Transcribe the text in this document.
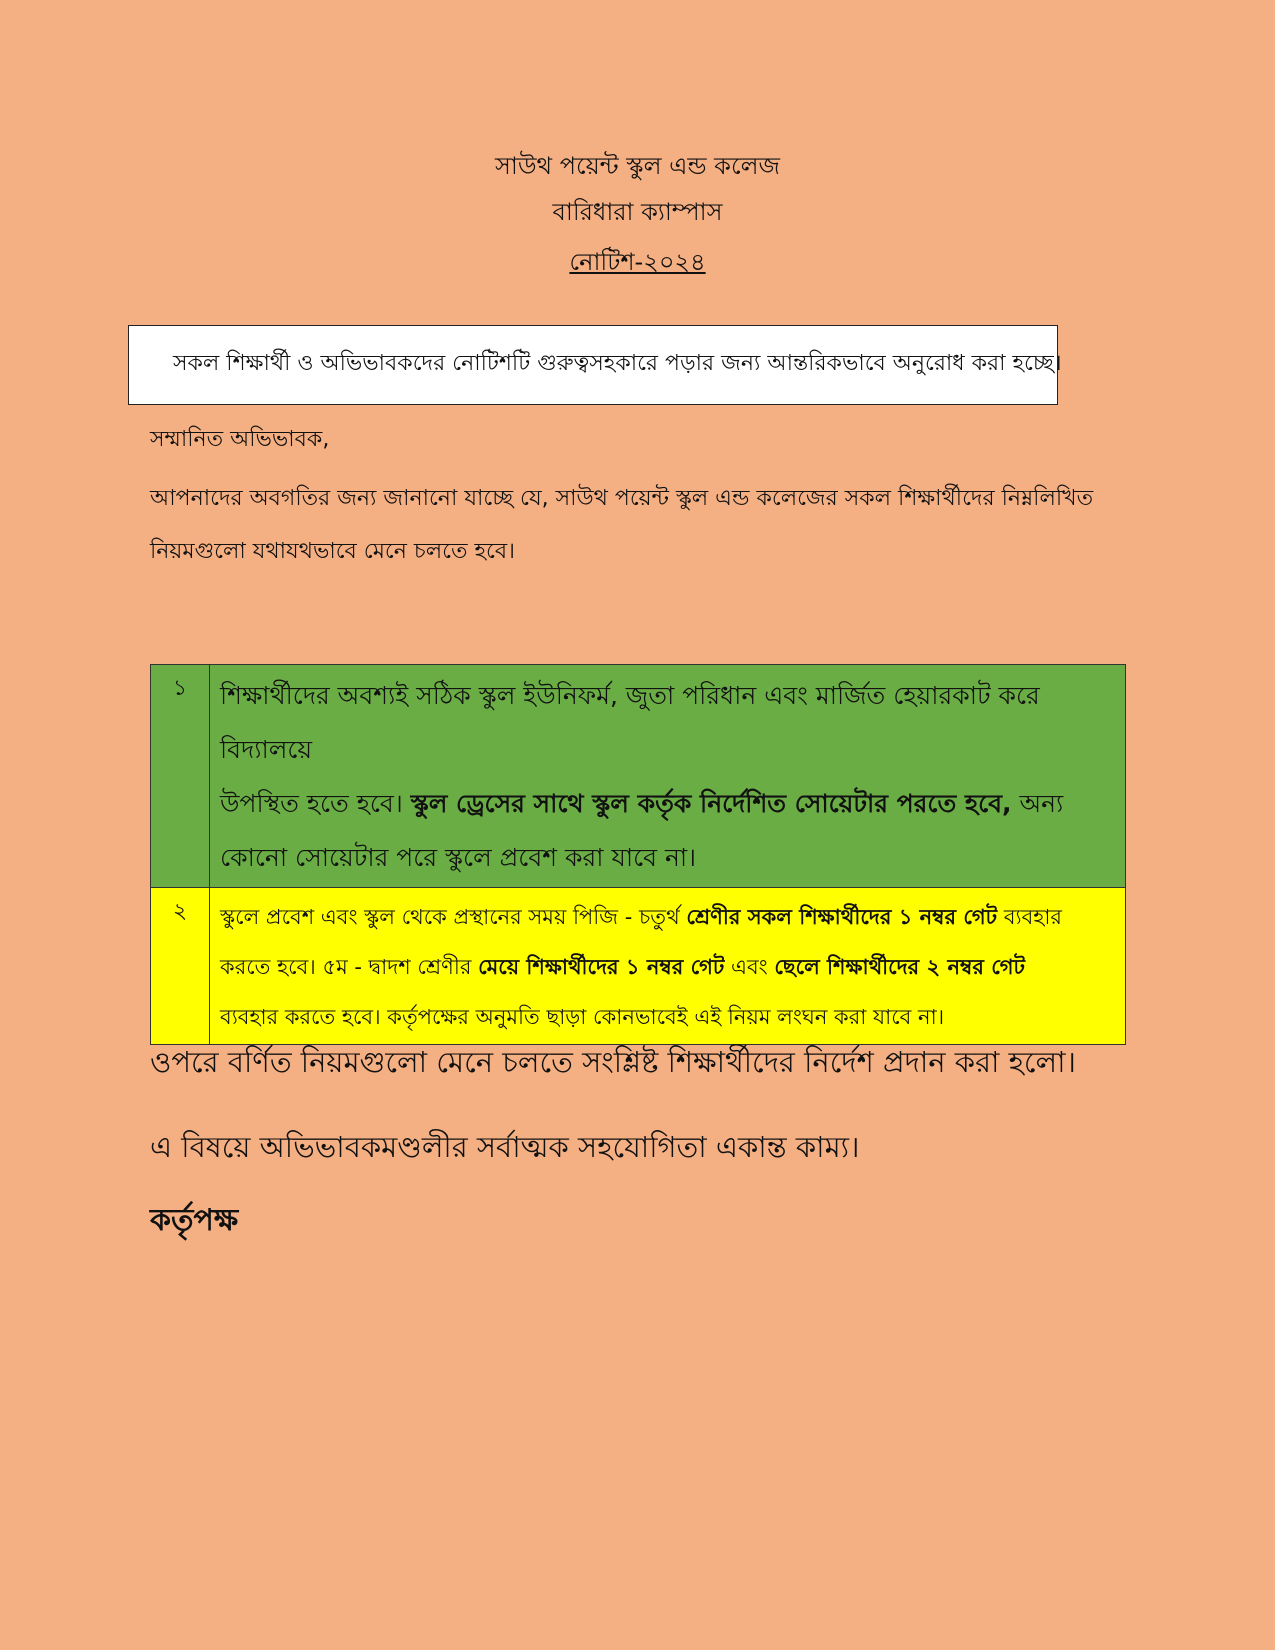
সাউথ পয়েন্ট স্কুল এন্ড কলেজ
বারিধারা ক্যাম্পাস
নোটিশ-২০২৪
সকল শিক্ষার্থী ও অভিভাবকদের নোটিশটি গুরুত্বসহকারে পড়ার জন্য আন্তরিকভাবে অনুরোধ করা হচ্ছে।
সম্মানিত অভিভাবক,
আপনাদের অবগতির জন্য জানানো যাচ্ছে যে, সাউথ পয়েন্ট স্কুল এন্ড কলেজের সকল শিক্ষার্থীদের নিম্নলিখিত
নিয়মগুলো যথাযথভাবে মেনে চলতে হবে।
১	শিক্ষার্থীদের অবশ্যই সঠিক স্কুল ইউনিফর্ম, জুতা পরিধান এবং মার্জিত হেয়ারকাট করে বিদ্যালয়ে
উপস্থিত হতে হবে। স্কুল ড্রেসের সাথে স্কুল কর্তৃক নির্দেশিত সোয়েটার পরতে হবে, অন্য
কোনো সোয়েটার পরে স্কুলে প্রবেশ করা যাবে না।

২	স্কুলে প্রবেশ এবং স্কুল থেকে প্রস্থানের সময় পিজি - চতুর্থ শ্রেণীর সকল শিক্ষার্থীদের ১ নম্বর গেট ব্যবহার
করতে হবে। ৫ম - দ্বাদশ শ্রেণীর মেয়ে শিক্ষার্থীদের ১ নম্বর গেট এবং ছেলে শিক্ষার্থীদের ২ নম্বর গেট
ব্যবহার করতে হবে। কর্তৃপক্ষের অনুমতি ছাড়া কোনভাবেই এই নিয়ম লংঘন করা যাবে না।
ওপরে বর্ণিত নিয়মগুলো মেনে চলতে সংশ্লিষ্ট শিক্ষার্থীদের নির্দেশ প্রদান করা হলো।
এ বিষয়ে অভিভাবকমণ্ডলীর সর্বাত্মক সহযোগিতা একান্ত কাম্য।
কর্তৃপক্ষ
